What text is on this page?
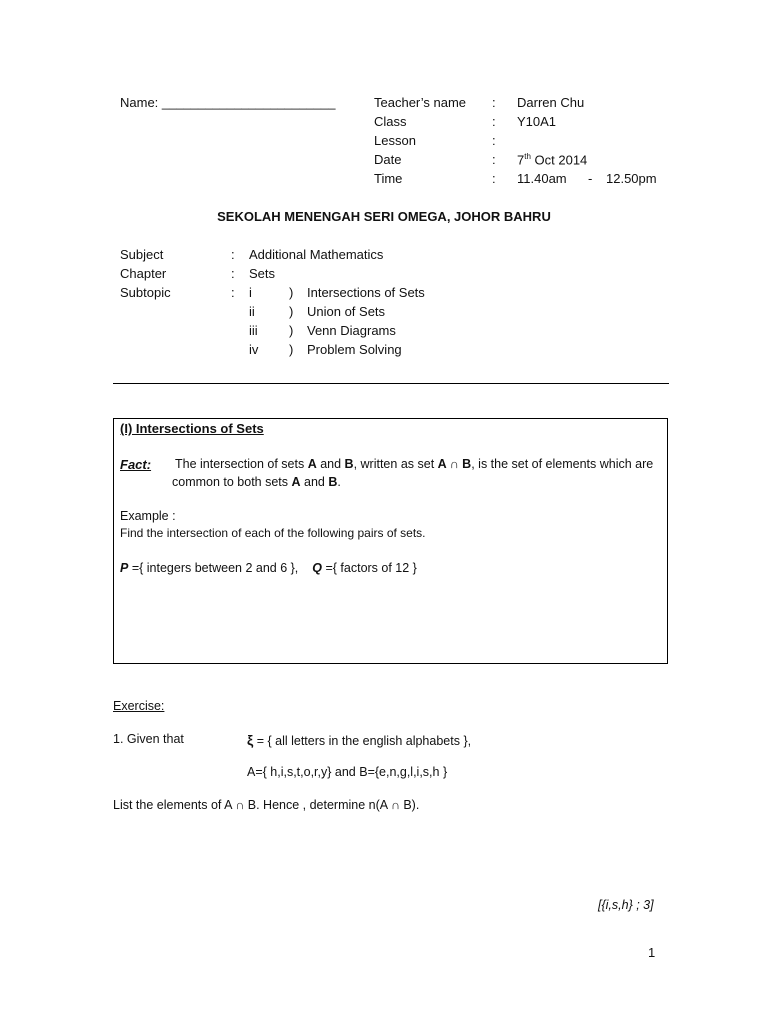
Name: ________________________	Teacher’s name : Darren Chu
Class	: Y10A1
Lesson	:
Date	: 7th Oct 2014
Time	: 11.40am - 12.50pm
SEKOLAH MENENGAH SERI OMEGA, JOHOR BAHRU
Subject	: Additional Mathematics
Chapter	: Sets
Subtopic	: i	) Intersections of Sets
ii	) Union of Sets
iii ) Venn Diagrams
iv ) Problem Solving
(I) Intersections of Sets
Fact: The intersection of sets A and B, written as set A ∩ B, is the set of elements which are
common to both sets A and B.
Example :
Find the intersection of each of the following pairs of sets.
P ={ integers between 2 and 6 }, Q ={ factors of 12 }
Exercise:
1. Given that	ξ = { all letters in the english alphabets },
A={ h,i,s,t,o,r,y} and B={e,n,g,l,i,s,h }
List the elements of A ∩ B. Hence , determine n(A ∩ B).
[{i,s,h} ; 3]
1
